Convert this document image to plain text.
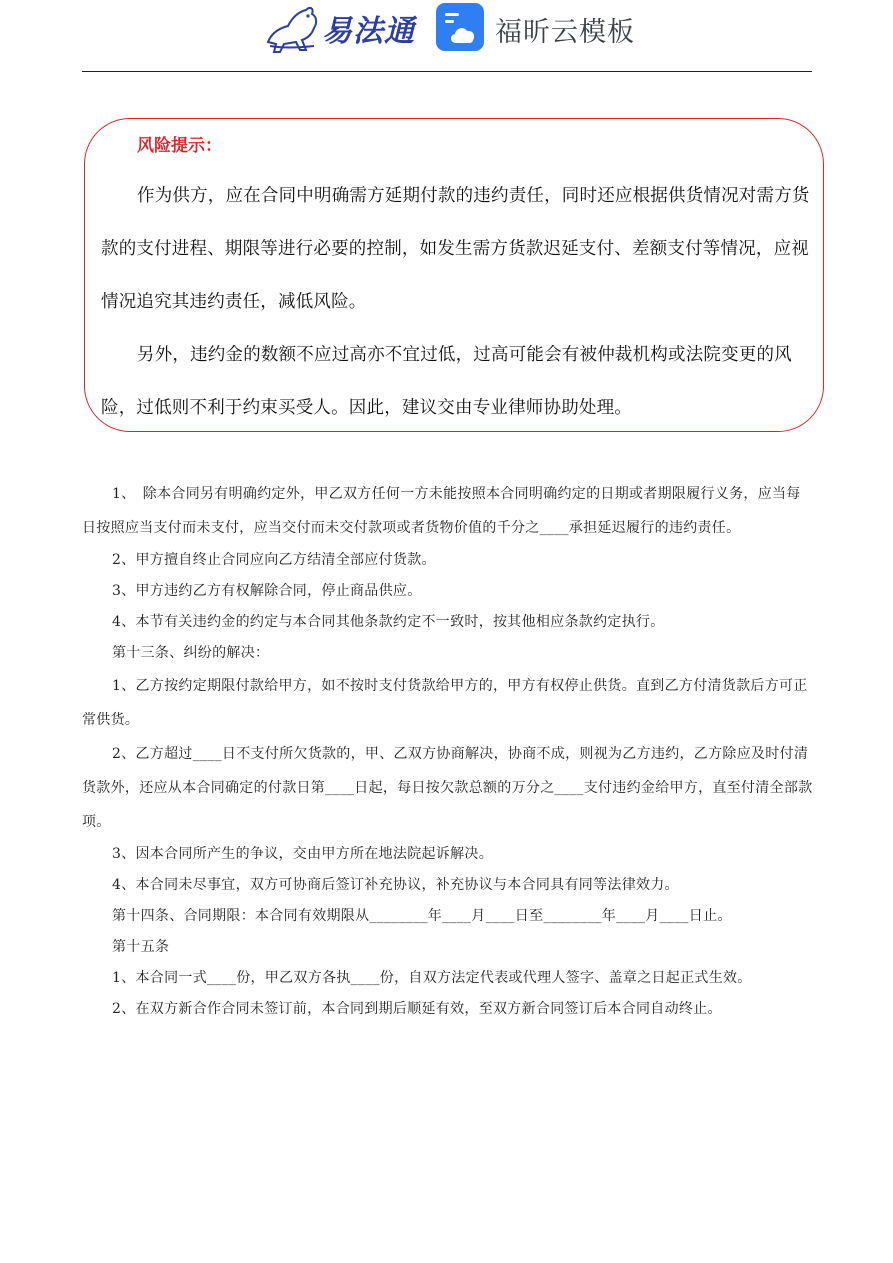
易法通	福昕云模板
风险提示：

作为供方，应在合同中明确需方延期付款的违约责任，同时还应根据供货情况对需方货款的支付进程、期限等进行必要的控制，如发生需方货款迟延支付、差额支付等情况，应视情况追究其违约责任，减低风险。

另外，违约金的数额不应过高亦不宜过低，过高可能会有被仲裁机构或法院变更的风险，过低则不利于约束买受人。因此，建议交由专业律师协助处理。

1、　除本合同另有明确约定外，甲乙双方任何一方未能按照本合同明确约定的日期或者期限履行义务，应当每日按照应当支付而未支付，应当交付而未交付款项或者货物价值的千分之____承担延迟履行的违约责任。

2、甲方擅自终止合同应向乙方结清全部应付货款。

3、甲方违约乙方有权解除合同，停止商品供应。

4、本节有关违约金的约定与本合同其他条款约定不一致时，按其他相应条款约定执行。

第十三条、纠纷的解决：

1、乙方按约定期限付款给甲方，如不按时支付货款给甲方的，甲方有权停止供货。直到乙方付清货款后方可正常供货。

2、乙方超过____日不支付所欠货款的，甲、乙双方协商解决，协商不成，则视为乙方违约，乙方除应及时付清货款外，还应从本合同确定的付款日第____日起，每日按欠款总额的万分之____支付违约金给甲方，直至付清全部款项。

3、因本合同所产生的争议，交由甲方所在地法院起诉解决。

4、本合同未尽事宜，双方可协商后签订补充协议，补充协议与本合同具有同等法律效力。

第十四条、合同期限：本合同有效期限从________年____月____日至________年____月____日止。

第十五条

1、本合同一式____份，甲乙双方各执____份，自双方法定代表或代理人签字、盖章之日起正式生效。

2、在双方新合作合同未签订前，本合同到期后顺延有效，至双方新合同签订后本合同自动终止。
